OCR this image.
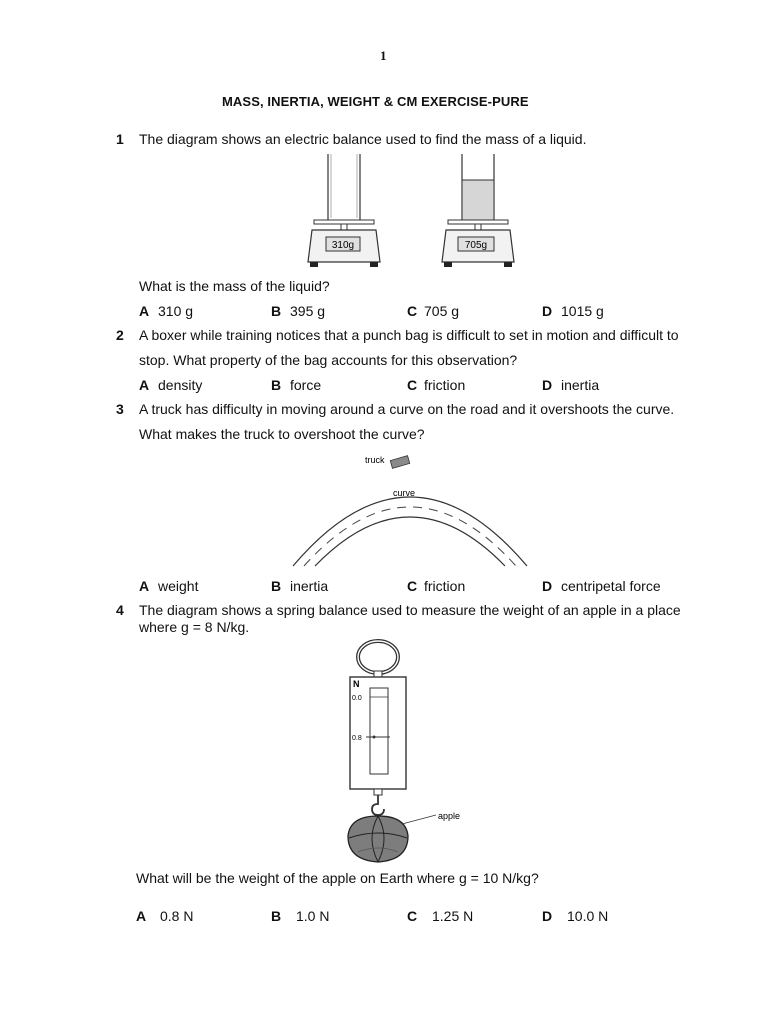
1
MASS, INERTIA, WEIGHT & CM EXERCISE-PURE
1 The diagram shows an electric balance used to find the mass of a liquid.
310g	705g
What is the mass of the liquid?
A 310 g	B 395 g	C 705 g	D 1015 g
2 A boxer while training notices that a punch bag is difficult to set in motion and difficult to
stop. What property of the bag accounts for this observation?
A density	B force	C friction	D inertia
3 A truck has difficulty in moving around a curve on the road and it overshoots the curve.
What makes the truck to overshoot the curve?
truck
curve
A weight	B inertia	C friction	D centripetal force
4 The diagram shows a spring balance used to measure the weight of an apple in a place
where g = 8 N/kg.
N
0.0
0.8
apple
What will be the weight of the apple on Earth where g = 10 N/kg?
A 0.8 N	B 1.0 N	C 1.25 N	D 10.0 N
